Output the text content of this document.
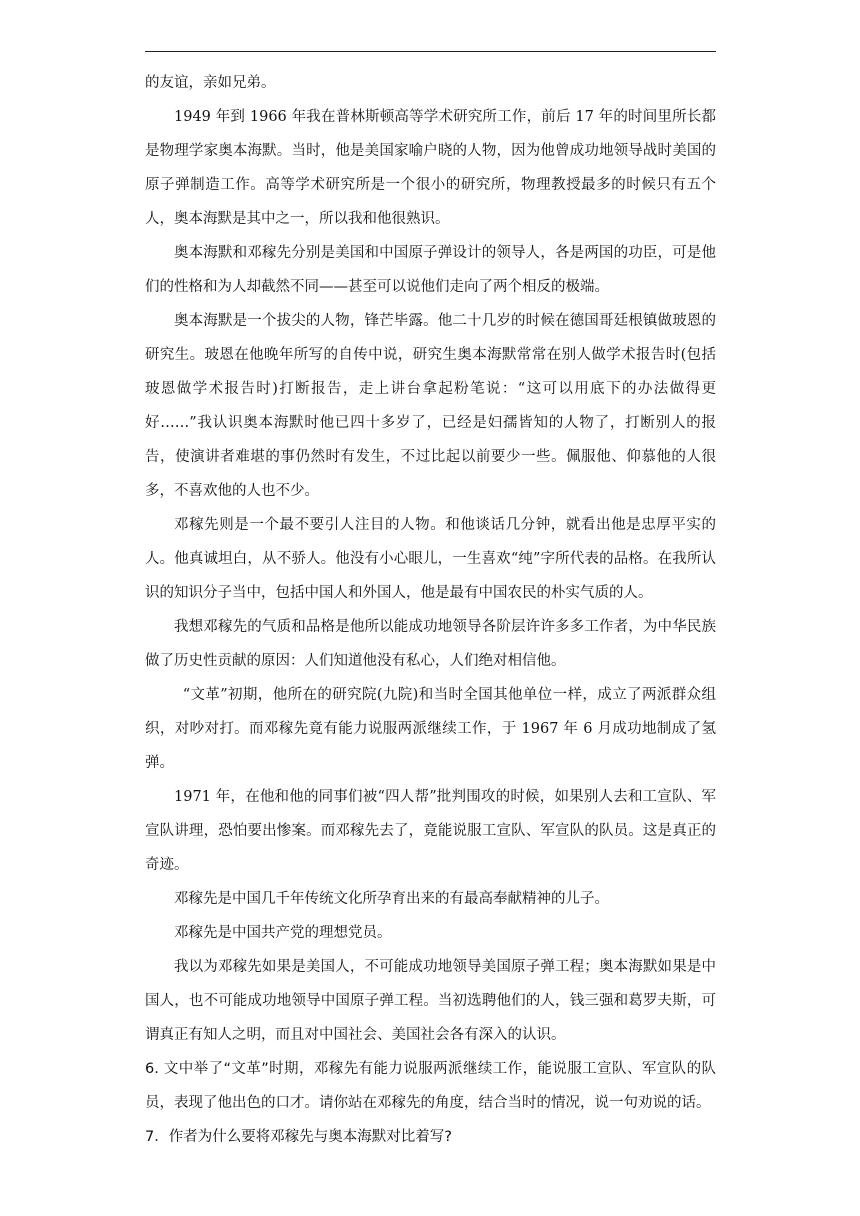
的友谊，亲如兄弟。

1949 年到 1966 年我在普林斯顿高等学术研究所工作，前后 17 年的时间里所长都是物理学家奥本海默。当时，他是美国家喻户晓的人物，因为他曾成功地领导战时美国的原子弹制造工作。高等学术研究所是一个很小的研究所，物理教授最多的时候只有五个人，奥本海默是其中之一，所以我和他很熟识。

奥本海默和邓稼先分别是美国和中国原子弹设计的领导人，各是两国的功臣，可是他们的性格和为人却截然不同——甚至可以说他们走向了两个相反的极端。

奥本海默是一个拔尖的人物，锋芒毕露。他二十几岁的时候在德国哥廷根镇做玻恩的研究生。玻恩在他晚年所写的自传中说，研究生奥本海默常常在别人做学术报告时(包括玻恩做学术报告时)打断报告，走上讲台拿起粉笔说：“这可以用底下的办法做得更好……”我认识奥本海默时他已四十多岁了，已经是妇孺皆知的人物了，打断别人的报告，使演讲者难堪的事仍然时有发生，不过比起以前要少一些。佩服他、仰慕他的人很多，不喜欢他的人也不少。

邓稼先则是一个最不要引人注目的人物。和他谈话几分钟，就看出他是忠厚平实的人。他真诚坦白，从不骄人。他没有小心眼儿，一生喜欢“纯”字所代表的品格。在我所认识的知识分子当中，包括中国人和外国人，他是最有中国农民的朴实气质的人。

我想邓稼先的气质和品格是他所以能成功地领导各阶层许许多多工作者，为中华民族做了历史性贡献的原因：人们知道他没有私心，人们绝对相信他。

“文革”初期，他所在的研究院(九院)和当时全国其他单位一样，成立了两派群众组织，对吵对打。而邓稼先竟有能力说服两派继续工作，于 1967 年 6 月成功地制成了氢弹。

1971 年，在他和他的同事们被“四人帮”批判围攻的时候，如果别人去和工宣队、军宣队讲理，恐怕要出惨案。而邓稼先去了，竟能说服工宣队、军宣队的队员。这是真正的奇迹。

邓稼先是中国几千年传统文化所孕育出来的有最高奉献精神的儿子。

邓稼先是中国共产党的理想党员。

我以为邓稼先如果是美国人，不可能成功地领导美国原子弹工程；奥本海默如果是中国人，也不可能成功地领导中国原子弹工程。当初选聘他们的人，钱三强和葛罗夫斯，可谓真正有知人之明，而且对中国社会、美国社会各有深入的认识。

6. 文中举了“文革”时期，邓稼先有能力说服两派继续工作，能说服工宣队、军宣队的队员，表现了他出色的口才。请你站在邓稼先的角度，结合当时的情况，说一句劝说的话。

7．作者为什么要将邓稼先与奥本海默对比着写?
